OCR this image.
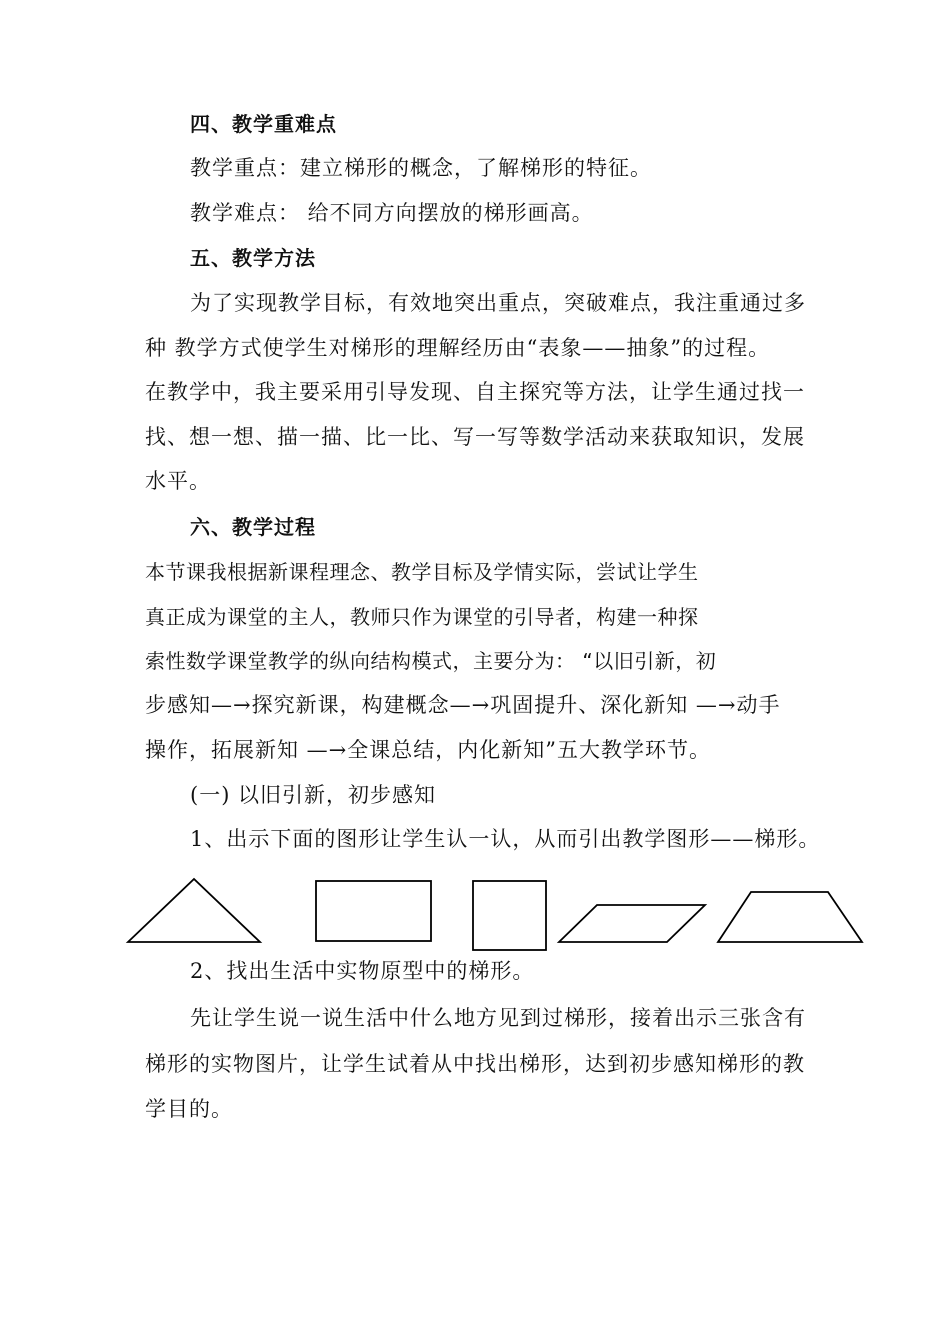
四、教学重难点
教学重点：建立梯形的概念，了解梯形的特征。
教学难点： 给不同方向摆放的梯形画高。
五、教学方法
为了实现教学目标，有效地突出重点，突破难点，我注重通过多
种 教学方式使学生对梯形的理解经历由“表象——抽象”的过程。
在教学中，我主要采用引导发现、自主探究等方法，让学生通过找一
找、想一想、描一描、比一比、写一写等数学活动来获取知识，发展
水平。
六、教学过程
本节课我根据新课程理念、教学目标及学情实际，尝试让学生
真正成为课堂的主人，教师只作为课堂的引导者，构建一种探
索性数学课堂教学的纵向结构模式，主要分为： “以旧引新，初
步感知—→探究新课，构建概念—→巩固提升、深化新知 —→动手
操作，拓展新知 —→全课总结，内化新知”五大教学环节。
(一) 以旧引新，初步感知
1、出示下面的图形让学生认一认，从而引出教学图形——梯形。
2、找出生活中实物原型中的梯形。
先让学生说一说生活中什么地方见到过梯形，接着出示三张含有
梯形的实物图片，让学生试着从中找出梯形，达到初步感知梯形的教
学目的。
